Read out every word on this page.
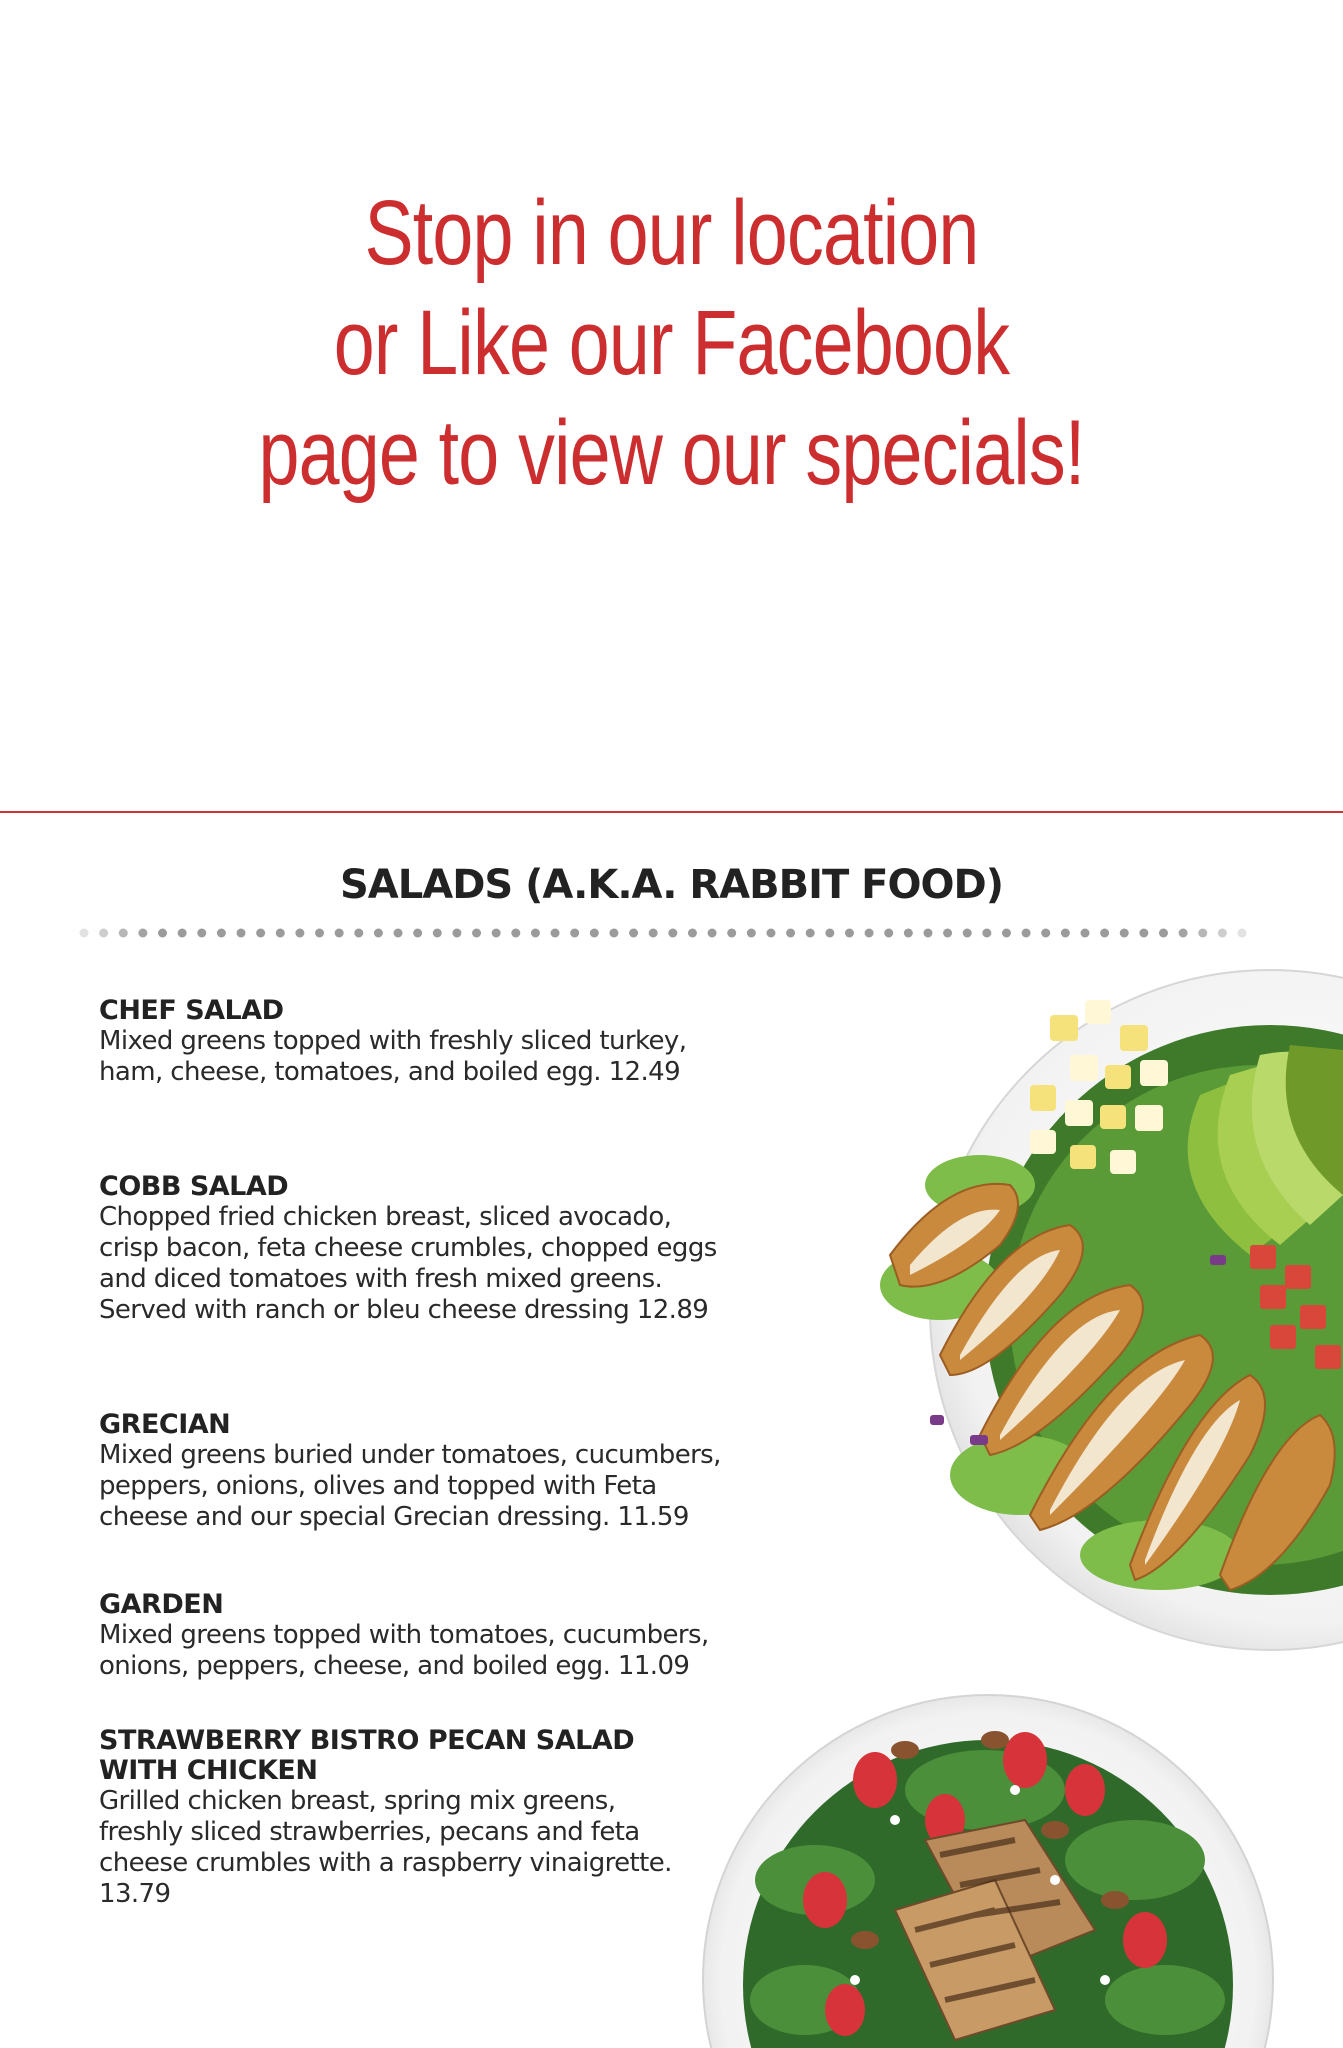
Stop in our location
or Like our Facebook
page to view our specials!
SALADS (A.K.A. RABBIT FOOD)
CHEF SALAD
Mixed greens topped with freshly sliced turkey, ham, cheese, tomatoes, and boiled egg. 12.49
COBB SALAD
Chopped fried chicken breast, sliced avocado, crisp bacon, feta cheese crumbles, chopped eggs and diced tomatoes with fresh mixed greens. Served with ranch or bleu cheese dressing 12.89
GRECIAN
Mixed greens buried under tomatoes, cucumbers, peppers, onions, olives and topped with Feta cheese and our special Grecian dressing. 11.59
GARDEN
Mixed greens topped with tomatoes, cucumbers, onions, peppers, cheese, and boiled egg. 11.09
STRAWBERRY BISTRO PECAN SALAD WITH CHICKEN
Grilled chicken breast, spring mix greens, freshly sliced strawberries, pecans and feta cheese crumbles with a raspberry vinaigrette. 13.79
